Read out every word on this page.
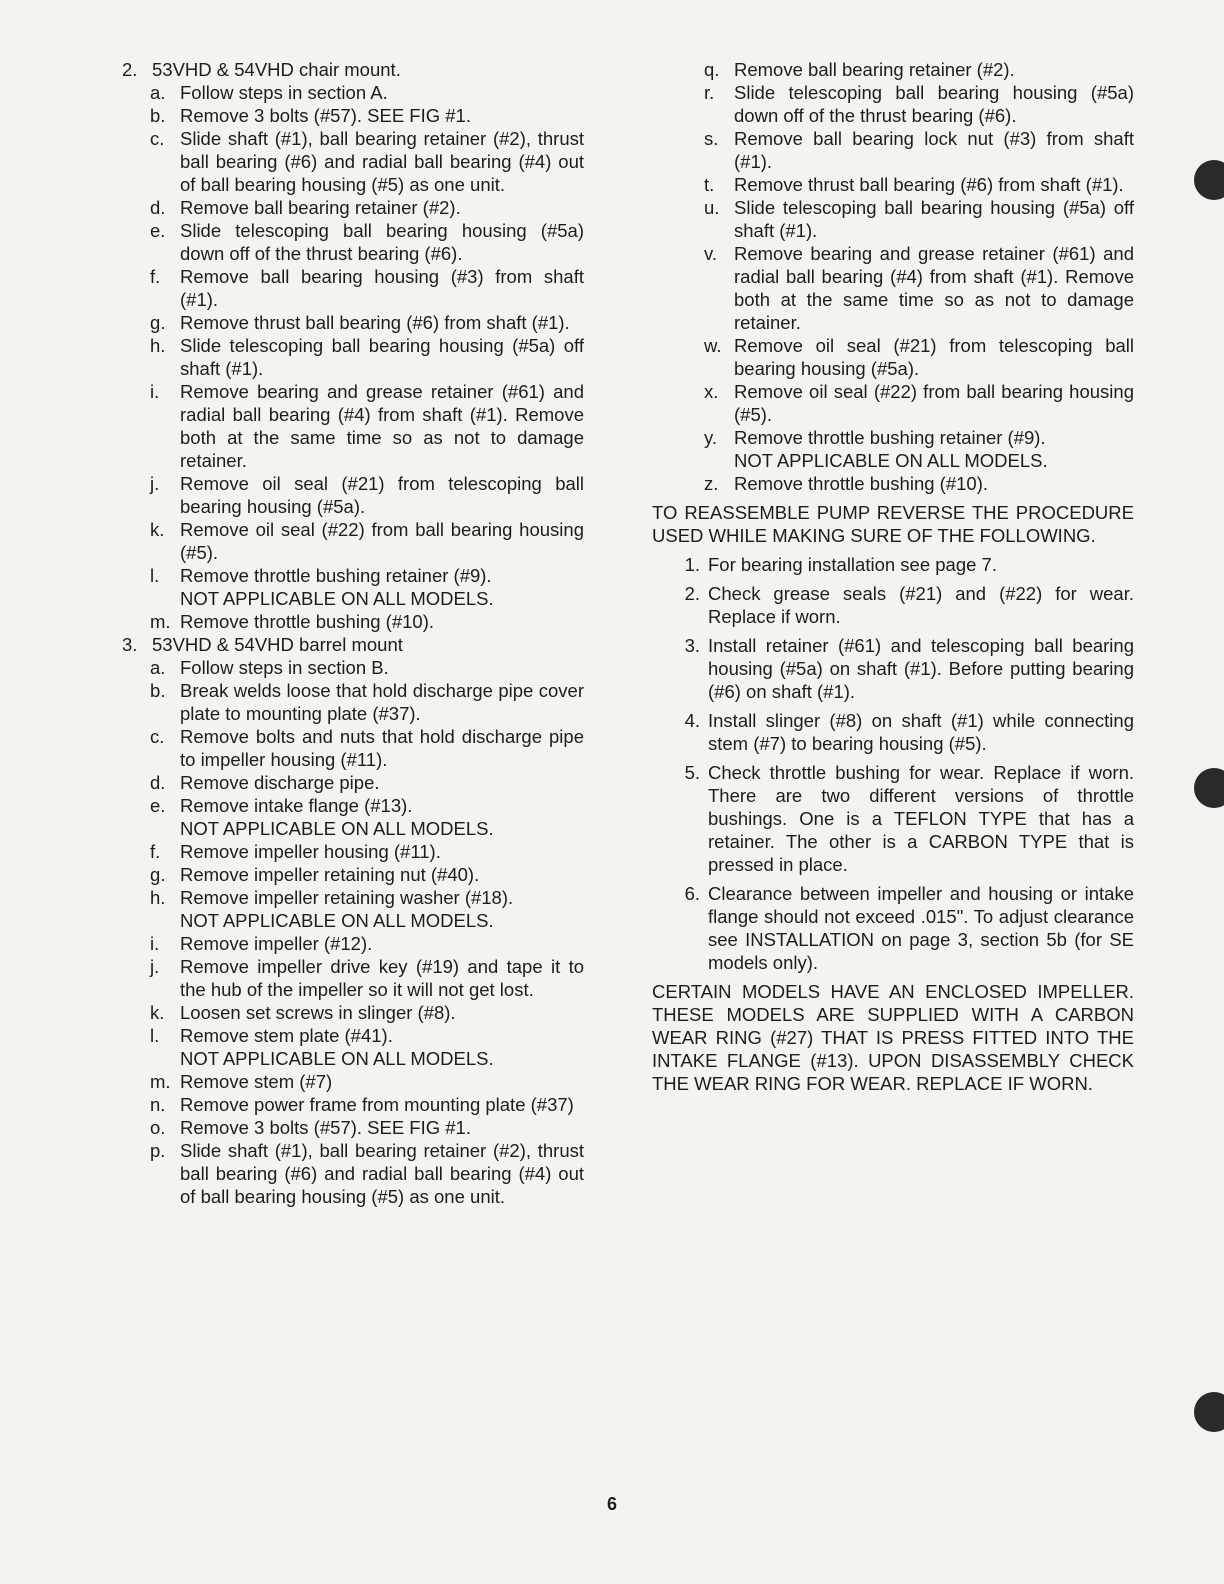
2. 53VHD & 54VHD chair mount.
a. Follow steps in section A.
b. Remove 3 bolts (#57). SEE FIG #1.
c. Slide shaft (#1), ball bearing retainer (#2), thrust ball bearing (#6) and radial ball bearing (#4) out of ball bearing housing (#5) as one unit.
d. Remove ball bearing retainer (#2).
e. Slide telescoping ball bearing housing (#5a) down off of the thrust bearing (#6).
f.	Remove ball bearing housing (#3) from shaft (#1).
g. Remove thrust ball bearing (#6) from shaft (#1).
h. Slide telescoping ball bearing housing (#5a) off shaft (#1).
i.	Remove bearing and grease retainer (#61) and radial ball bearing (#4) from shaft (#1). Remove both at the same time so as not to damage retainer.
j.	Remove oil seal (#21) from telescoping ball bearing housing (#5a).
k. Remove oil seal (#22) from ball bearing housing (#5).
l.	Remove throttle bushing retainer (#9).
NOT APPLICABLE ON ALL MODELS.
m. Remove throttle bushing (#10).
3. 53VHD & 54VHD barrel mount
a. Follow steps in section B.
b. Break welds loose that hold discharge pipe cover plate to mounting plate (#37).
c. Remove bolts and nuts that hold discharge pipe to impeller housing (#11).
d. Remove discharge pipe.
e. Remove intake flange (#13).
NOT APPLICABLE ON ALL MODELS.
f.	Remove impeller housing (#11).
g. Remove impeller retaining nut (#40).
h. Remove impeller retaining washer (#18).
NOT APPLICABLE ON ALL MODELS.
i.	Remove impeller (#12).
j.	Remove impeller drive key (#19) and tape it to the hub of the impeller so it will not get lost.
k. Loosen set screws in slinger (#8).
l.	Remove stem plate (#41).
NOT APPLICABLE ON ALL MODELS.
m. Remove stem (#7)
n. Remove power frame from mounting plate (#37)
o. Remove 3 bolts (#57). SEE FIG #1.
p. Slide shaft (#1), ball bearing retainer (#2), thrust ball bearing (#6) and radial ball bearing (#4) out of ball bearing housing (#5) as one unit.
q. Remove ball bearing retainer (#2).
r.	Slide telescoping ball bearing housing (#5a) down off of the thrust bearing (#6).
s. Remove ball bearing lock nut (#3) from shaft (#1).
t.	Remove thrust ball bearing (#6) from shaft (#1).
u. Slide telescoping ball bearing housing (#5a) off shaft (#1).
v. Remove bearing and grease retainer (#61) and radial ball bearing (#4) from shaft (#1). Remove both at the same time so as not to damage retainer.
w. Remove oil seal (#21) from telescoping ball bearing housing (#5a).
x. Remove oil seal (#22) from ball bearing housing (#5).
y. Remove throttle bushing retainer (#9).
NOT APPLICABLE ON ALL MODELS.
z. Remove throttle bushing (#10).
TO REASSEMBLE PUMP REVERSE THE PROCEDURE USED WHILE MAKING SURE OF THE FOLLOWING.
1. For bearing installation see page 7.
2. Check grease seals (#21) and (#22) for wear. Replace if worn.
3. Install retainer (#61) and telescoping ball bearing housing (#5a) on shaft (#1). Before putting bearing (#6) on shaft (#1).
4. Install slinger (#8) on shaft (#1) while connecting stem (#7) to bearing housing (#5).
5. Check throttle bushing for wear. Replace if worn. There are two different versions of throttle bushings. One is a TEFLON TYPE that has a retainer. The other is a CARBON TYPE that is pressed in place.
6. Clearance between impeller and housing or intake flange should not exceed .015". To adjust clearance see INSTALLATION on page 3, section 5b (for SE models only).
CERTAIN MODELS HAVE AN ENCLOSED IMPELLER. THESE MODELS ARE SUPPLIED WITH A CARBON WEAR RING (#27) THAT IS PRESS FITTED INTO THE INTAKE FLANGE (#13). UPON DISASSEMBLY CHECK THE WEAR RING FOR WEAR. REPLACE IF WORN.
6
